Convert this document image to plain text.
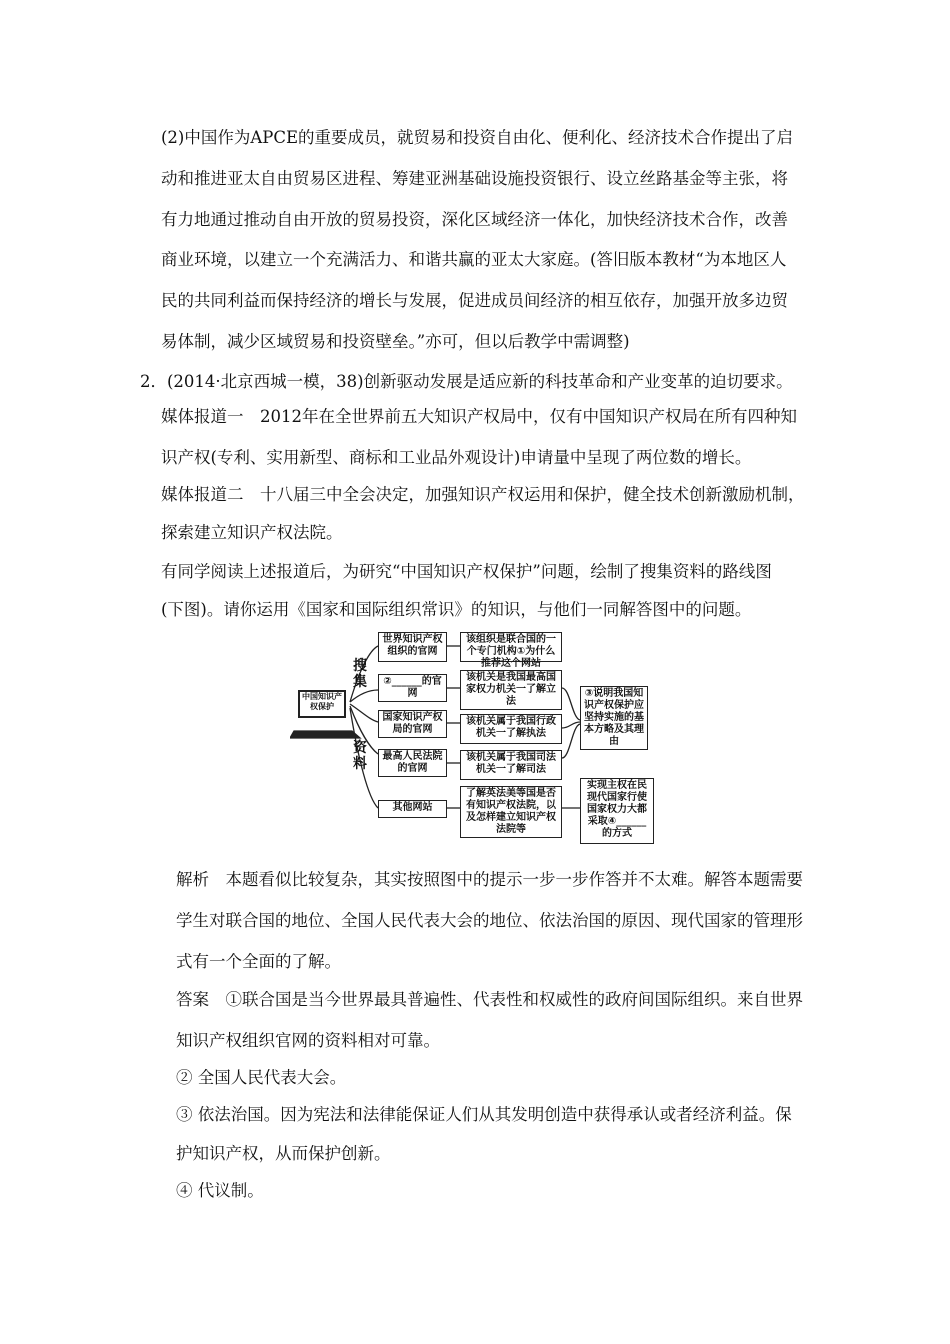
(2)中国作为APCE的重要成员，就贸易和投资自由化、便利化、经济技术合作提出了启
动和推进亚太自由贸易区进程、筹建亚洲基础设施投资银行、设立丝路基金等主张，将
有力地通过推动自由开放的贸易投资，深化区域经济一体化，加快经济技术合作，改善
商业环境，以建立一个充满活力、和谐共赢的亚太大家庭。(答旧版本教材“为本地区人
民的共同利益而保持经济的增长与发展，促进成员间经济的相互依存，加强开放多边贸
易体制，减少区域贸易和投资壁垒。”亦可，但以后教学中需调整)
2．(2014·北京西城一模，38)创新驱动发展是适应新的科技革命和产业变革的迫切要求。
媒体报道一　2012年在全世界前五大知识产权局中，仅有中国知识产权局在所有四种知
识产权(专利、实用新型、商标和工业品外观设计)申请量中呈现了两位数的增长。
媒体报道二　十八届三中全会决定，加强知识产权运用和保护，健全技术创新激励机制，
探索建立知识产权法院。
有同学阅读上述报道后，为研究“中国知识产权保护”问题，绘制了搜集资料的路线图
(下图)。请你运用《国家和国际组织常识》的知识，与他们一同解答图中的问题。
中国知识产权保护
搜集
资料
世界知识产权组织的官网
②______的官网
国家知识产权局的官网
最高人民法院的官网
其他网站
该组织是联合国的一个专门机构①为什么推荐这个网站
该机关是我国最高国家权力机关一了解立法
该机关属于我国行政机关一了解执法
该机关属于我国司法机关一了解司法
了解英法美等国是否有知识产权法院，以及怎样建立知识产权法院等
③说明我国知识产权保护应坚持实施的基本方略及其理由
实现主权在民现代国家行使国家权力大都采取④______的方式
解析　本题看似比较复杂，其实按照图中的提示一步一步作答并不太难。解答本题需要
学生对联合国的地位、全国人民代表大会的地位、依法治国的原因、现代国家的管理形
式有一个全面的了解。
答案　①联合国是当今世界最具普遍性、代表性和权威性的政府间国际组织。来自世界
知识产权组织官网的资料相对可靠。
② 全国人民代表大会。
③ 依法治国。因为宪法和法律能保证人们从其发明创造中获得承认或者经济利益。保
护知识产权，从而保护创新。
④ 代议制。
